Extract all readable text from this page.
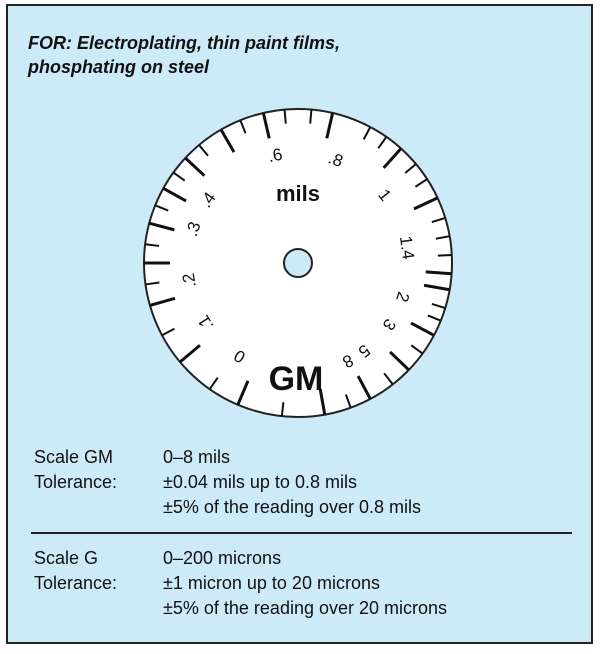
FOR: Electroplating, thin paint films,
phosphating on steel

0
.1
.2
.3
.4
.6 .8
1
1.4
2
3
5
8
mils
GM
Scale GM	0–8 mils
Tolerance:	±0.04 mils up to 0.8 mils
±5% of the reading over 0.8 mils
Scale G	0–200 microns
Tolerance:	±1 micron up to 20 microns
±5% of the reading over 20 microns
